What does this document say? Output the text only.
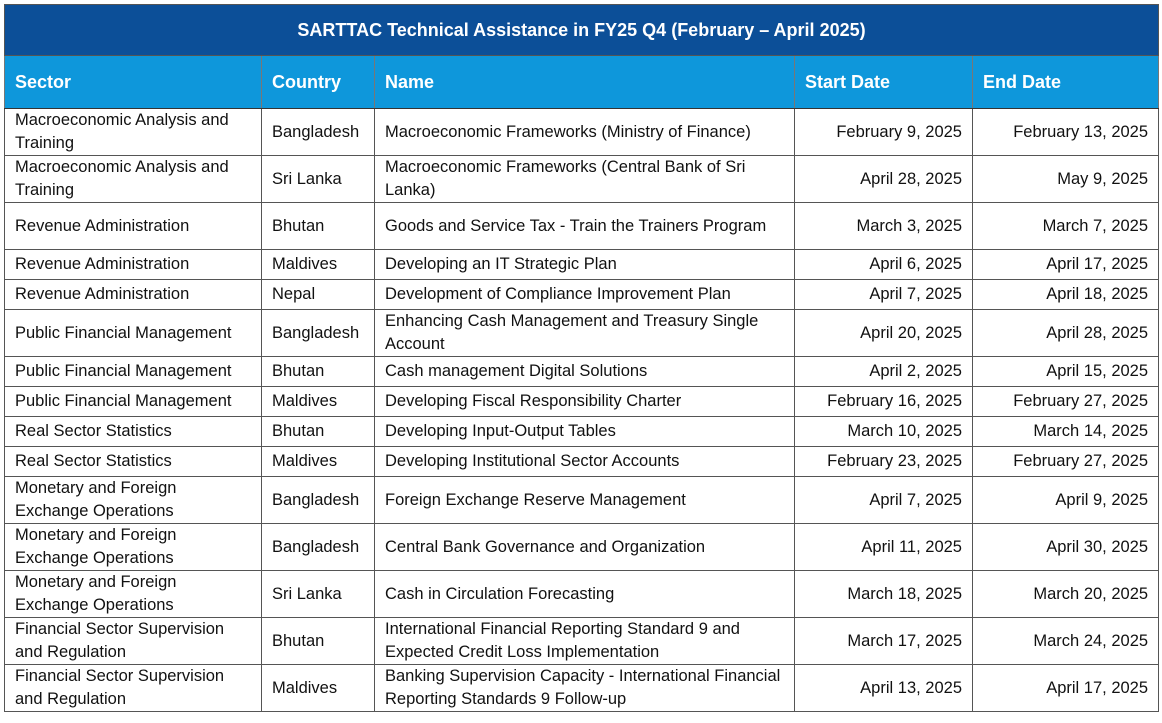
SARTTAC Technical Assistance in FY25 Q4 (February – April 2025)				
Sector	Country	Name	Start Date	End Date
Macroeconomic Analysis and Training	Bangladesh	Macroeconomic Frameworks (Ministry of Finance)	February 9, 2025	February 13, 2025
Macroeconomic Analysis and Training	Sri Lanka	Macroeconomic Frameworks (Central Bank of Sri Lanka)	April 28, 2025	May 9, 2025
Revenue Administration	Bhutan	Goods and Service Tax - Train the Trainers Program	March 3, 2025	March 7, 2025
Revenue Administration	Maldives	Developing an IT Strategic Plan	April 6, 2025	April 17, 2025
Revenue Administration	Nepal	Development of Compliance Improvement Plan	April 7, 2025	April 18, 2025
Public Financial Management	Bangladesh	Enhancing Cash Management and Treasury Single Account	April 20, 2025	April 28, 2025
Public Financial Management	Bhutan	Cash management Digital Solutions	April 2, 2025	April 15, 2025
Public Financial Management	Maldives	Developing Fiscal Responsibility Charter	February 16, 2025	February 27, 2025
Real Sector Statistics	Bhutan	Developing Input-Output Tables	March 10, 2025	March 14, 2025
Real Sector Statistics	Maldives	Developing Institutional Sector Accounts	February 23, 2025	February 27, 2025
Monetary and Foreign Exchange Operations	Bangladesh	Foreign Exchange Reserve Management	April 7, 2025	April 9, 2025
Monetary and Foreign Exchange Operations	Bangladesh	Central Bank Governance and Organization	April 11, 2025	April 30, 2025
Monetary and Foreign Exchange Operations	Sri Lanka	Cash in Circulation Forecasting	March 18, 2025	March 20, 2025
Financial Sector Supervision and Regulation	Bhutan	International Financial Reporting Standard 9 and Expected Credit Loss Implementation	March 17, 2025	March 24, 2025
Financial Sector Supervision and Regulation	Maldives	Banking Supervision Capacity - International Financial Reporting Standards 9 Follow-up	April 13, 2025	April 17, 2025
